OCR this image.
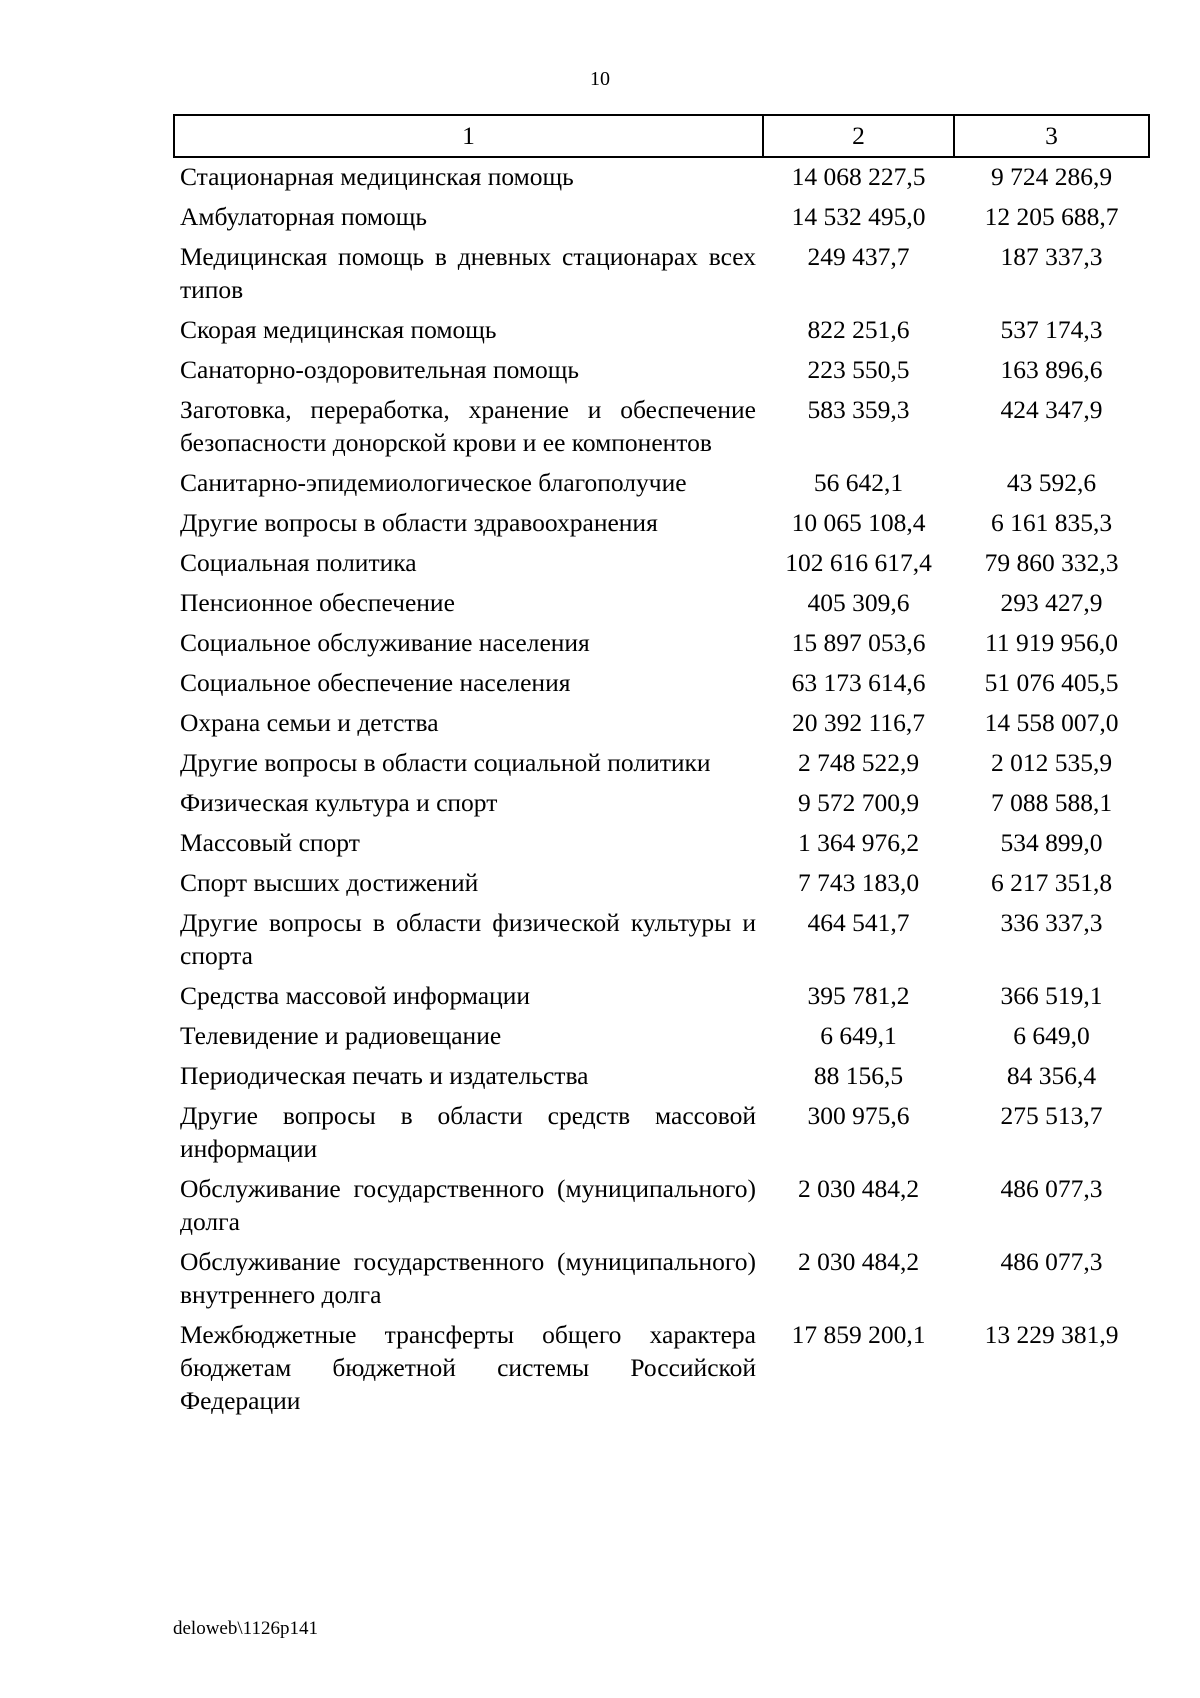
10
1	2	3
Стационарная медицинская помощь	14 068 227,5	9 724 286,9
Амбулаторная помощь	14 532 495,0	12 205 688,7
Медицинская помощь в дневных стационарах всех типов	249 437,7	187 337,3
Скорая медицинская помощь	822 251,6	537 174,3
Санаторно-оздоровительная помощь	223 550,5	163 896,6
Заготовка, переработка, хранение и обеспечение безопасности донорской крови и ее компонентов	583 359,3	424 347,9
Санитарно-эпидемиологическое благополучие	56 642,1	43 592,6
Другие вопросы в области здравоохранения	10 065 108,4	6 161 835,3
Социальная политика	102 616 617,4	79 860 332,3
Пенсионное обеспечение	405 309,6	293 427,9
Социальное обслуживание населения	15 897 053,6	11 919 956,0
Социальное обеспечение населения	63 173 614,6	51 076 405,5
Охрана семьи и детства	20 392 116,7	14 558 007,0
Другие вопросы в области социальной политики	2 748 522,9	2 012 535,9
Физическая культура и спорт	9 572 700,9	7 088 588,1
Массовый спорт	1 364 976,2	534 899,0
Спорт высших достижений	7 743 183,0	6 217 351,8
Другие вопросы в области физической культуры и спорта	464 541,7	336 337,3
Средства массовой информации	395 781,2	366 519,1
Телевидение и радиовещание	6 649,1	6 649,0
Периодическая печать и издательства	88 156,5	84 356,4
Другие вопросы в области средств массовой информации	300 975,6	275 513,7
Обслуживание государственного (муниципального) долга	2 030 484,2	486 077,3
Обслуживание государственного (муниципального) внутреннего долга	2 030 484,2	486 077,3
Межбюджетные трансферты общего характера бюджетам бюджетной системы Российской Федерации	17 859 200,1	13 229 381,9
deloweb\1126p141
